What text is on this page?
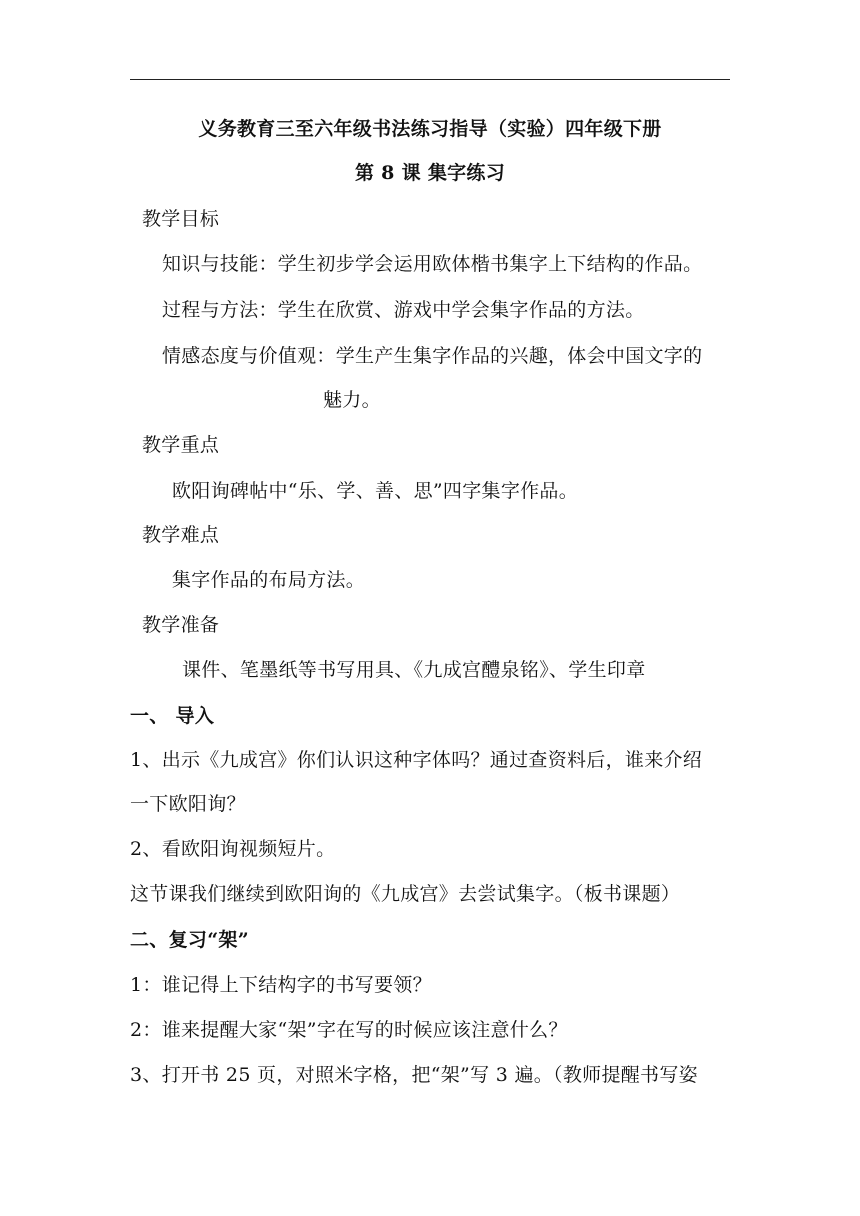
义务教育三至六年级书法练习指导（实验）四年级下册
第 8 课 集字练习
教学目标
知识与技能：学生初步学会运用欧体楷书集字上下结构的作品。
过程与方法：学生在欣赏、游戏中学会集字作品的方法。
情感态度与价值观：学生产生集字作品的兴趣，体会中国文字的
魅力。
教学重点
欧阳询碑帖中“乐、学、善、思”四字集字作品。
教学难点
集字作品的布局方法。
教学准备
课件、笔墨纸等书写用具、《九成宫醴泉铭》、学生印章
一、 导入
1、出示《九成宫》你们认识这种字体吗？通过查资料后，谁来介绍
一下欧阳询？
2、看欧阳询视频短片。
这节课我们继续到欧阳询的《九成宫》去尝试集字。（板书课题）
二、复习“架”
1：谁记得上下结构字的书写要领？
2：谁来提醒大家“架”字在写的时候应该注意什么？
3、打开书 25 页，对照米字格，把“架”写 3 遍。（教师提醒书写姿
